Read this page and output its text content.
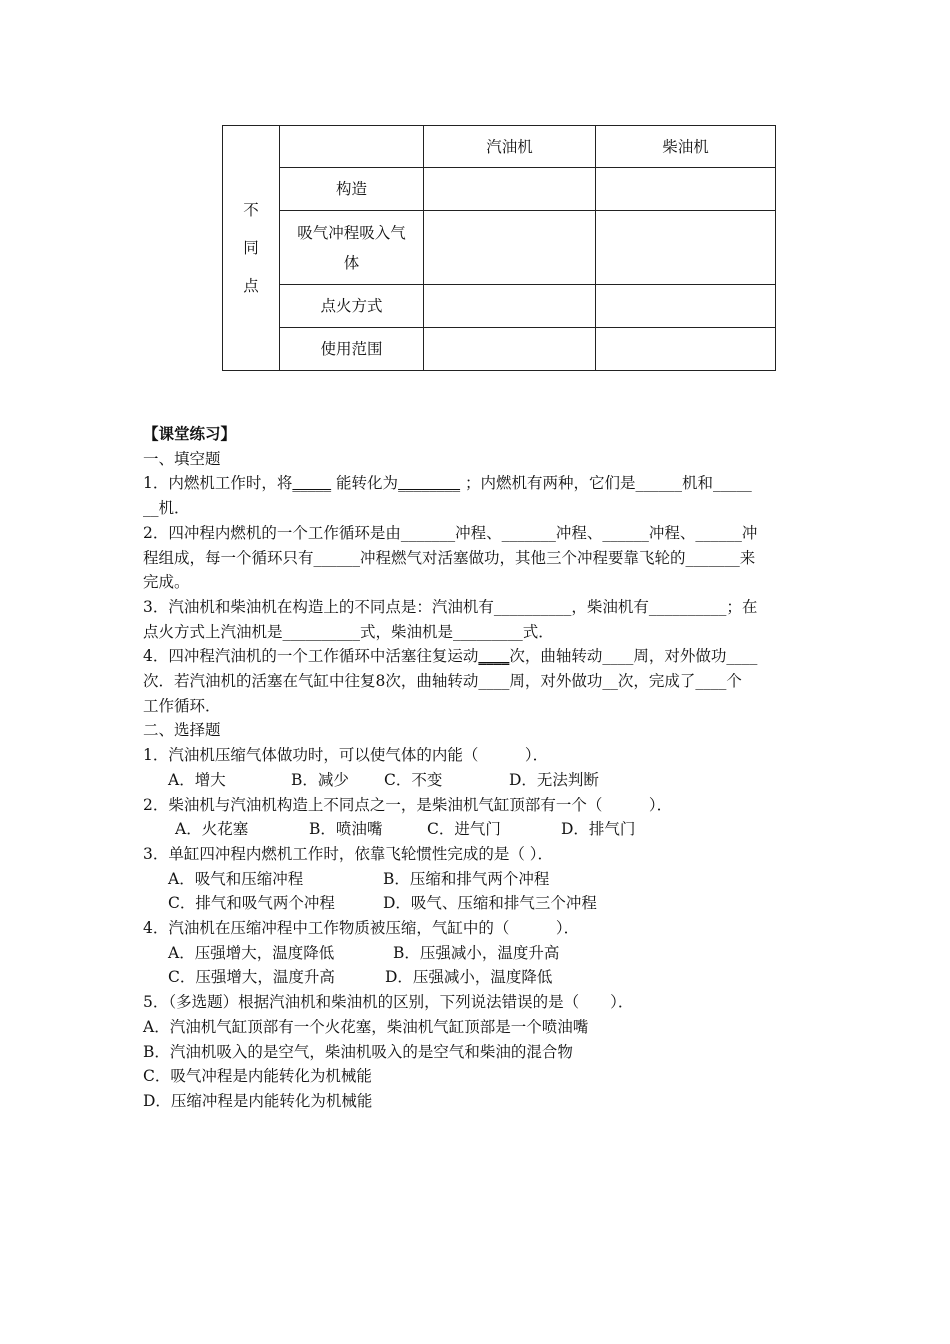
不
同
点		汽油机	柴油机
	构造		
	吸气冲程吸入气
体		
	点火方式		
	使用范围		
【课堂练习】
一、填空题
1．内燃机工作时，将_____ 能转化为________ ；内燃机有两种，它们是______机和_____
__机．
2．四冲程内燃机的一个工作循环是由_______冲程、_______冲程、______冲程、______冲
程组成，每一个循环只有______冲程燃气对活塞做功，其他三个冲程要靠飞轮的_______来
完成。
3．汽油机和柴油机在构造上的不同点是：汽油机有__________，柴油机有__________；在
点火方式上汽油机是__________式，柴油机是_________式．
4．四冲程汽油机的一个工作循环中活塞往复运动____次，曲轴转动____周，对外做功____
次．若汽油机的活塞在气缸中往复8次，曲轴转动____周，对外做功__次，完成了____个
工作循环．
二、选择题
1．汽油机压缩气体做功时，可以使气体的内能（　　　）．
A．增大	B．减少 C．不变	D．无法判断
2．柴油机与汽油机构造上不同点之一，是柴油机气缸顶部有一个（　　　）．
A．火花塞	B．喷油嘴	C．进气门	D．排气门
3．单缸四冲程内燃机工作时，依靠飞轮惯性完成的是（ ）．
A．吸气和压缩冲程	B．压缩和排气两个冲程
C．排气和吸气两个冲程	D．吸气、压缩和排气三个冲程
4．汽油机在压缩冲程中工作物质被压缩，气缸中的（　　　）．
A．压强增大，温度降低	B．压强减小，温度升高
C．压强增大，温度升高	D．压强减小，温度降低
5．（多选题）根据汽油机和柴油机的区别，下列说法错误的是（　　）．
A．汽油机气缸顶部有一个火花塞，柴油机气缸顶部是一个喷油嘴
B．汽油机吸入的是空气，柴油机吸入的是空气和柴油的混合物
C．吸气冲程是内能转化为机械能
D．压缩冲程是内能转化为机械能
